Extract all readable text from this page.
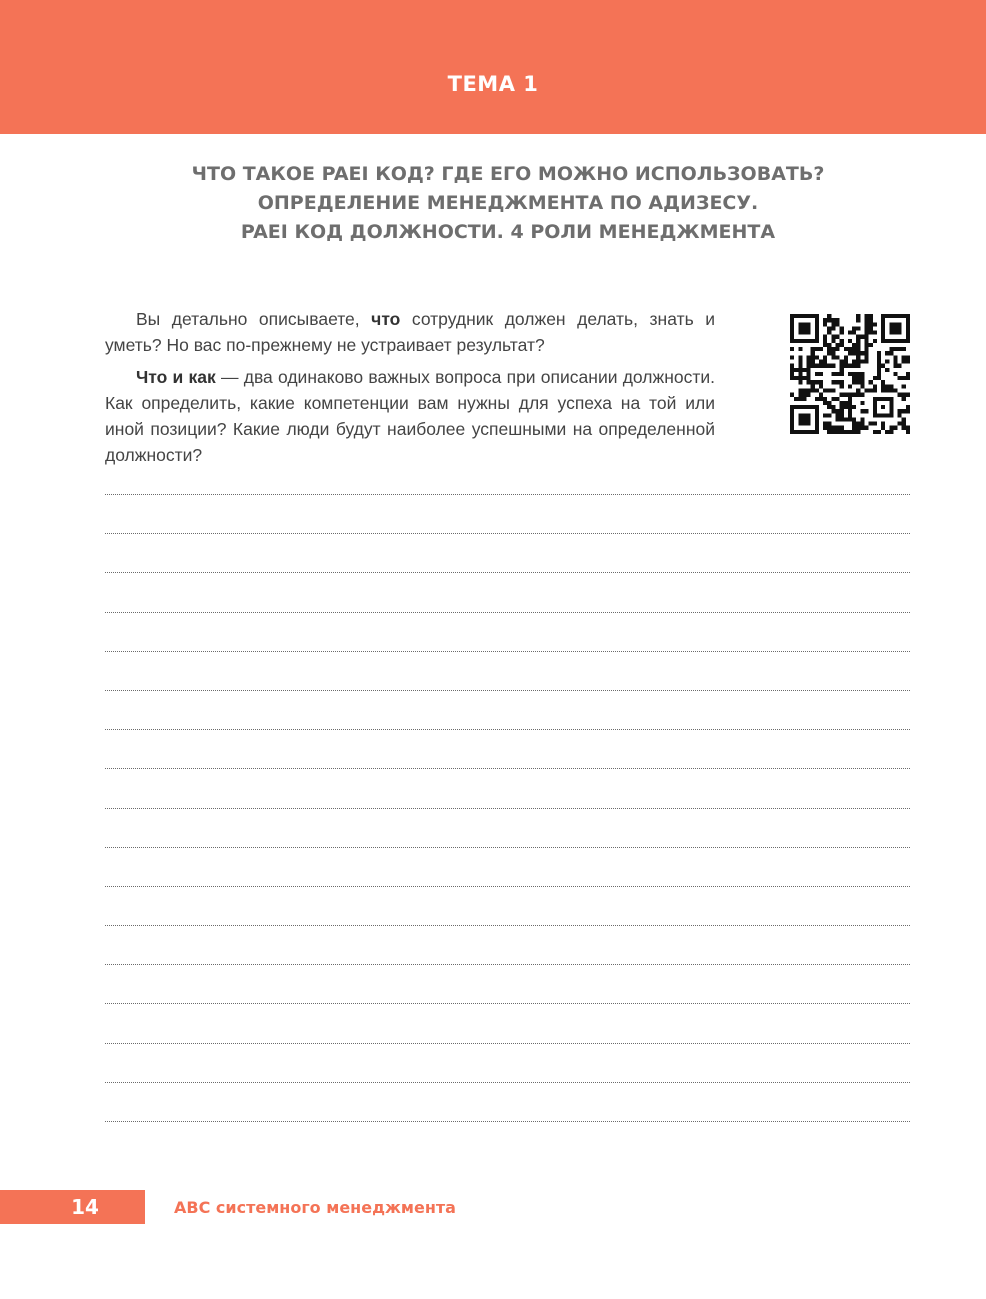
ТЕМА 1
ЧТО ТАКОЕ PAEI КОД? ГДЕ ЕГО МОЖНО ИСПОЛЬЗОВАТЬ?
ОПРЕДЕЛЕНИЕ МЕНЕДЖМЕНТА ПО АДИЗЕСУ.
PAEI КОД ДОЛЖНОСТИ. 4 РОЛИ МЕНЕДЖМЕНТА

Вы детально описываете, что сотрудник должен делать, знать и уметь? Но вас по-прежнему не устраивает результат?

Что и как — два одинаково важных вопроса при описании должности. Как определить, какие компетенции вам нужны для успеха на той или иной позиции? Какие люди будут наиболее успешными на определенной должности?

14	ABC системного менеджмента
